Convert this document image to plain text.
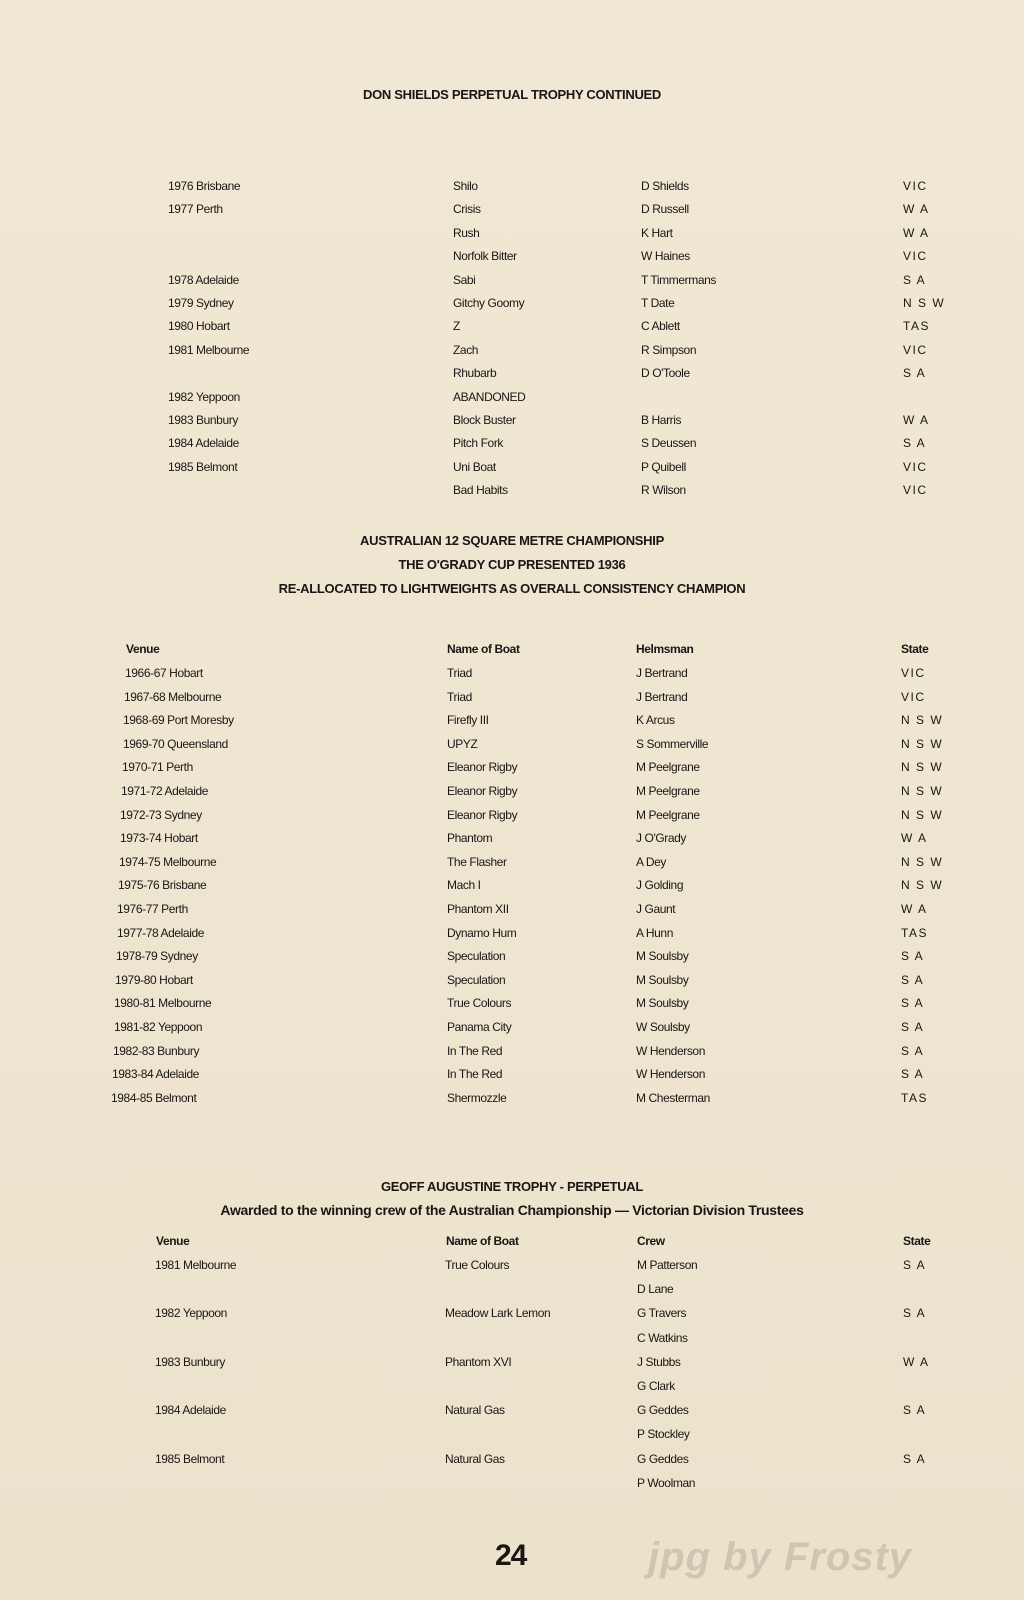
DON SHIELDS PERPETUAL TROPHY CONTINUED
1976 Brisbane	Shilo	D Shields	VIC
1977 Perth	Crisis	D Russell	W A
Rush	K Hart	W A
Norfolk Bitter	W Haines	VIC
1978 Adelaide	Sabi	T Timmermans	S A
1979 Sydney	Gitchy Goomy	T Date	N S W
1980 Hobart	Z	C Ablett	TAS
1981 Melbourne	Zach	R Simpson	VIC
Rhubarb	D O'Toole	S A
1982 Yeppoon	ABANDONED
1983 Bunbury	Block Buster	B Harris	W A
1984 Adelaide	Pitch Fork	S Deussen	S A
1985 Belmont	Uni Boat	P Quibell	VIC
Bad Habits	R Wilson	VIC
AUSTRALIAN 12 SQUARE METRE CHAMPIONSHIP
THE O'GRADY CUP PRESENTED 1936
RE-ALLOCATED TO LIGHTWEIGHTS AS OVERALL CONSISTENCY CHAMPION
Venue	Name of Boat	Helmsman	State
1966-67 Hobart	Triad	J Bertrand	VIC
1967-68 Melbourne	Triad	J Bertrand	VIC
1968-69 Port Moresby	Firefly III	K Arcus	N S W
1969-70 Queensland	UPYZ	S Sommerville	N S W
1970-71 Perth	Eleanor Rigby	M Peelgrane	N S W
1971-72 Adelaide	Eleanor Rigby	M Peelgrane	N S W
1972-73 Sydney	Eleanor Rigby	M Peelgrane	N S W
1973-74 Hobart	Phantom	J O'Grady	W A
1974-75 Melbourne	The Flasher	A Dey	N S W
1975-76 Brisbane	Mach I	J Golding	N S W
1976-77 Perth	Phantom XII	J Gaunt	W A
1977-78 Adelaide	Dynamo Hum	A Hunn	TAS
1978-79 Sydney	Speculation	M Soulsby	S A
1979-80 Hobart	Speculation	M Soulsby	S A
1980-81 Melbourne	True Colours	M Soulsby	S A
1981-82 Yeppoon	Panama City	W Soulsby	S A
1982-83 Bunbury	In The Red	W Henderson	S A
1983-84 Adelaide	In The Red	W Henderson	S A
1984-85 Belmont	Shermozzle	M Chesterman	TAS
GEOFF AUGUSTINE TROPHY - PERPETUAL
Awarded to the winning crew of the Australian Championship — Victorian Division Trustees
Venue	Name of Boat	Crew	State
1981 Melbourne	True Colours	M Patterson	S A
D Lane
1982 Yeppoon	Meadow Lark Lemon	G Travers	S A
C Watkins
1983 Bunbury	Phantom XVI	J Stubbs	W A
G Clark
1984 Adelaide	Natural Gas	G Geddes	S A
P Stockley
1985 Belmont	Natural Gas	G Geddes	S A
P Woolman
24	jpg by Frosty
